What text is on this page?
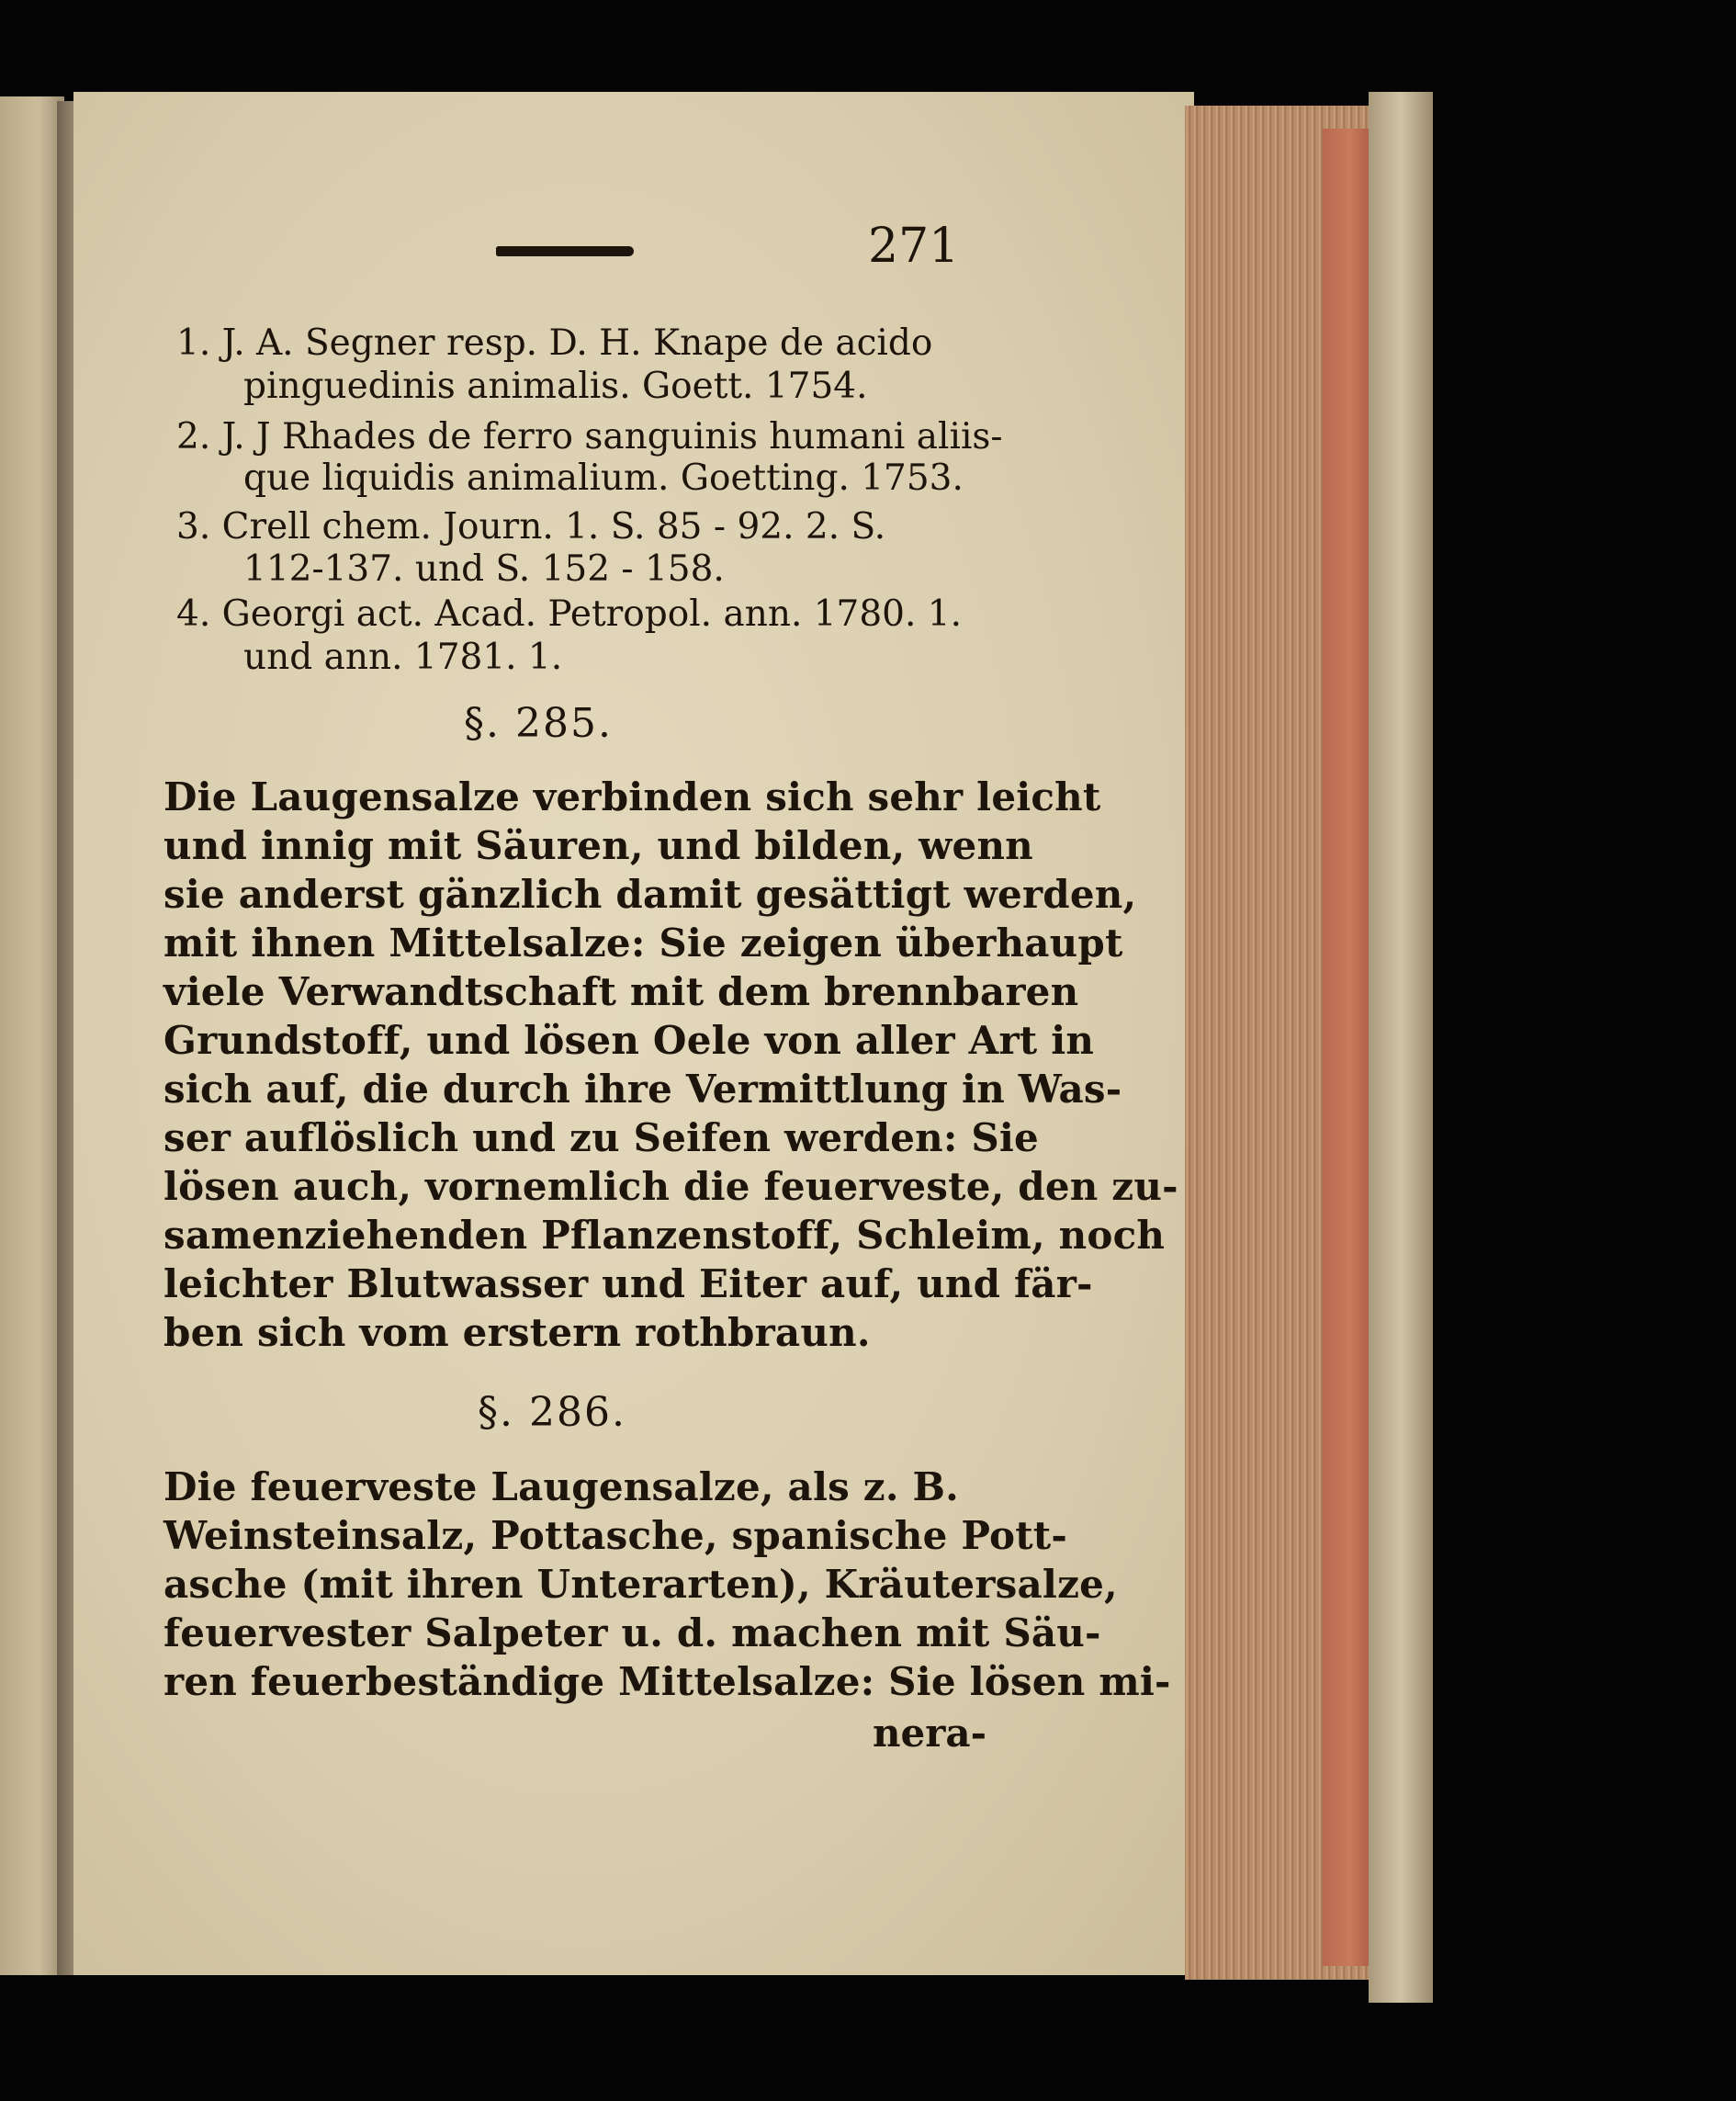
271
1. J. A. Segner resp. D. H. Knape de acido
pinguedinis animalis. Goett. 1754.
2. J. J Rhades de ferro sanguinis humani aliis-
que liquidis animalium. Goetting. 1753.
3. Crell chem. Journ. 1. S. 85 - 92. 2. S.
112-137. und S. 152 - 158.
4. Georgi act. Acad. Petropol. ann. 1780. 1.
und ann. 1781. 1.
§. 285.
Die Laugensalze verbinden sich sehr leicht
und innig mit Säuren, und bilden, wenn
sie anderst gänzlich damit gesättigt werden,
mit ihnen Mittelsalze: Sie zeigen überhaupt
viele Verwandtschaft mit dem brennbaren
Grundstoff, und lösen Oele von aller Art in
sich auf, die durch ihre Vermittlung in Was-
ser auflöslich und zu Seifen werden: Sie
lösen auch, vornemlich die feuerveste, den zu-
samenziehenden Pflanzenstoff, Schleim, noch
leichter Blutwasser und Eiter auf, und fär-
ben sich vom erstern rothbraun.
§. 286.
Die feuerveste Laugensalze, als z. B.
Weinsteinsalz, Pottasche, spanische Pott-
asche (mit ihren Unterarten), Kräutersalze,
feuervester Salpeter u. d. machen mit Säu-
ren feuerbeständige Mittelsalze: Sie lösen mi-
nera-
